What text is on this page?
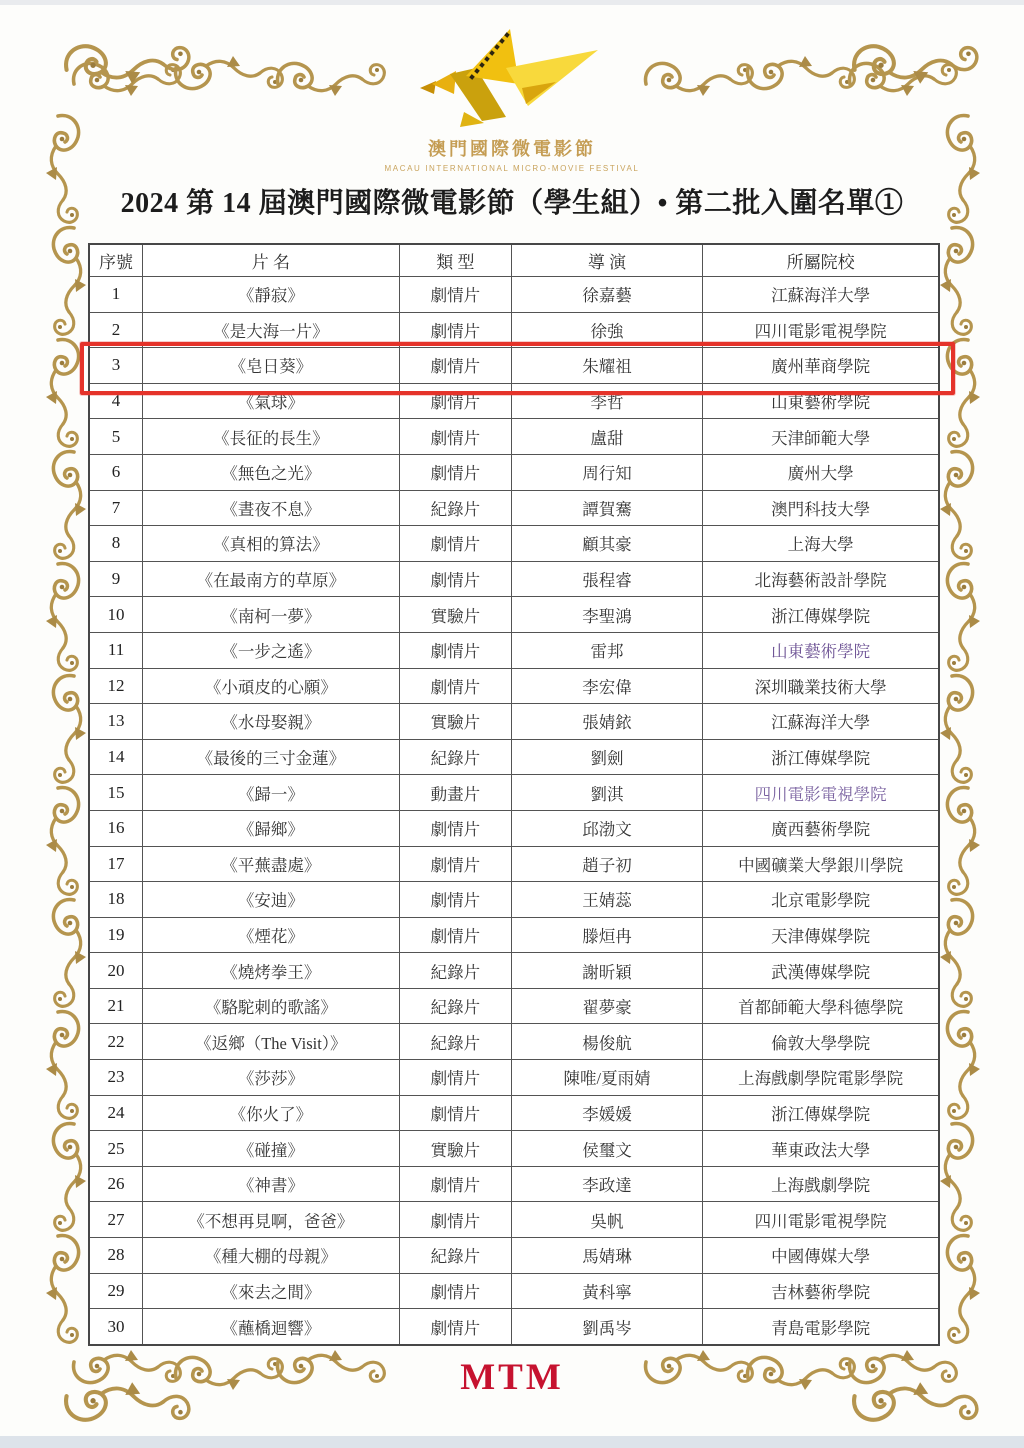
澳門國際微電影節
MACAU INTERNATIONAL MICRO-MOVIE FESTIVAL
2024 第 14 屆澳門國際微電影節（學生組）• 第二批入圍名單①
序號	片 名	類 型	導 演	所屬院校
1	《靜寂》	劇情片	徐嘉藝	江蘇海洋大學
2	《是大海一片》	劇情片	徐強	四川電影電視學院
3	《皂日葵》	劇情片	朱耀祖	廣州華商學院
4	《氣球》	劇情片	李哲	山東藝術學院
5	《長征的長生》	劇情片	盧甜	天津師範大學
6	《無色之光》	劇情片	周行知	廣州大學
7	《晝夜不息》	紀錄片	譚賀騫	澳門科技大學
8	《真相的算法》	劇情片	顧其豪	上海大學
9	《在最南方的草原》	劇情片	張程睿	北海藝術設計學院
10	《南柯一夢》	實驗片	李聖鴻	浙江傳媒學院
11	《一步之遙》	劇情片	雷邦	山東藝術學院
12	《小頑皮的心願》	劇情片	李宏偉	深圳職業技術大學
13	《水母娶親》	實驗片	張婧銥	江蘇海洋大學
14	《最後的三寸金蓮》	紀錄片	劉劍	浙江傳媒學院
15	《歸一》	動畫片	劉淇	四川電影電視學院
16	《歸鄉》	劇情片	邱渤文	廣西藝術學院
17	《平蕪盡處》	劇情片	趙子初	中國礦業大學銀川學院
18	《安迪》	劇情片	王婧蕊	北京電影學院
19	《煙花》	劇情片	滕烜冉	天津傳媒學院
20	《燒烤拳王》	紀錄片	謝昕穎	武漢傳媒學院
21	《駱駝刺的歌謠》	紀錄片	翟夢豪	首都師範大學科德學院
22	《返鄉（The Visit）》	紀錄片	楊俊航	倫敦大學學院
23	《莎莎》	劇情片	陳唯/夏雨婧	上海戲劇學院電影學院
24	《你火了》	劇情片	李媛媛	浙江傳媒學院
25	《碰撞》	實驗片	侯璽文	華東政法大學
26	《神書》	劇情片	李政達	上海戲劇學院
27	《不想再見啊，爸爸》	劇情片	吳帆	四川電影電視學院
28	《種大棚的母親》	紀錄片	馬婧琳	中國傳媒大學
29	《來去之間》	劇情片	黃科寧	吉林藝術學院
30	《蘸橋迴響》	劇情片	劉禹岑	青島電影學院
MTM
